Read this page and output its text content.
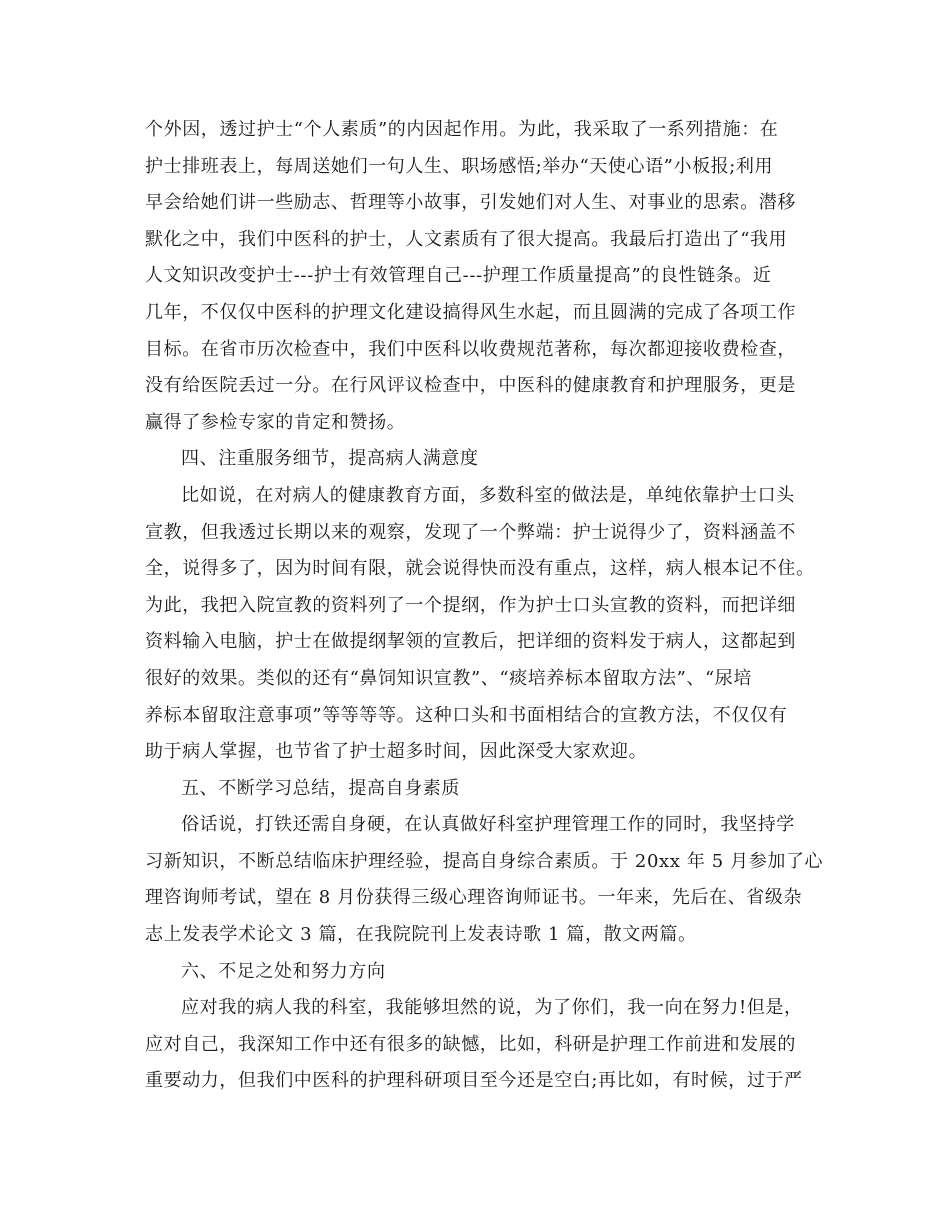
个外因，透过护士“个人素质”的内因起作用。为此，我采取了一系列措施：在
护士排班表上，每周送她们一句人生、职场感悟;举办“天使心语”小板报;利用
早会给她们讲一些励志、哲理等小故事，引发她们对人生、对事业的思索。潜移
默化之中，我们中医科的护士，人文素质有了很大提高。我最后打造出了“我用
人文知识改变护士---护士有效管理自己---护理工作质量提高”的良性链条。近
几年，不仅仅中医科的护理文化建设搞得风生水起，而且圆满的完成了各项工作
目标。在省市历次检查中，我们中医科以收费规范著称，每次都迎接收费检查，
没有给医院丢过一分。在行风评议检查中，中医科的健康教育和护理服务，更是
赢得了参检专家的肯定和赞扬。

四、注重服务细节，提高病人满意度

比如说，在对病人的健康教育方面，多数科室的做法是，单纯依靠护士口头
宣教，但我透过长期以来的观察，发现了一个弊端：护士说得少了，资料涵盖不
全，说得多了，因为时间有限，就会说得快而没有重点，这样，病人根本记不住。
为此，我把入院宣教的资料列了一个提纲，作为护士口头宣教的资料，而把详细
资料输入电脑，护士在做提纲挈领的宣教后，把详细的资料发于病人，这都起到
很好的效果。类似的还有“鼻饲知识宣教”、“痰培养标本留取方法”、“尿培
养标本留取注意事项”等等等等。这种口头和书面相结合的宣教方法，不仅仅有
助于病人掌握，也节省了护士超多时间，因此深受大家欢迎。

五、不断学习总结，提高自身素质

俗话说，打铁还需自身硬，在认真做好科室护理管理工作的同时，我坚持学
习新知识，不断总结临床护理经验，提高自身综合素质。于 20xx 年 5 月参加了心
理咨询师考试，望在 8 月份获得三级心理咨询师证书。一年来，先后在、省级杂
志上发表学术论文 3 篇，在我院院刊上发表诗歌 1 篇，散文两篇。

六、不足之处和努力方向

应对我的病人我的科室，我能够坦然的说，为了你们，我一向在努力!但是，
应对自己，我深知工作中还有很多的缺憾，比如，科研是护理工作前进和发展的
重要动力，但我们中医科的护理科研项目至今还是空白;再比如，有时候，过于严
